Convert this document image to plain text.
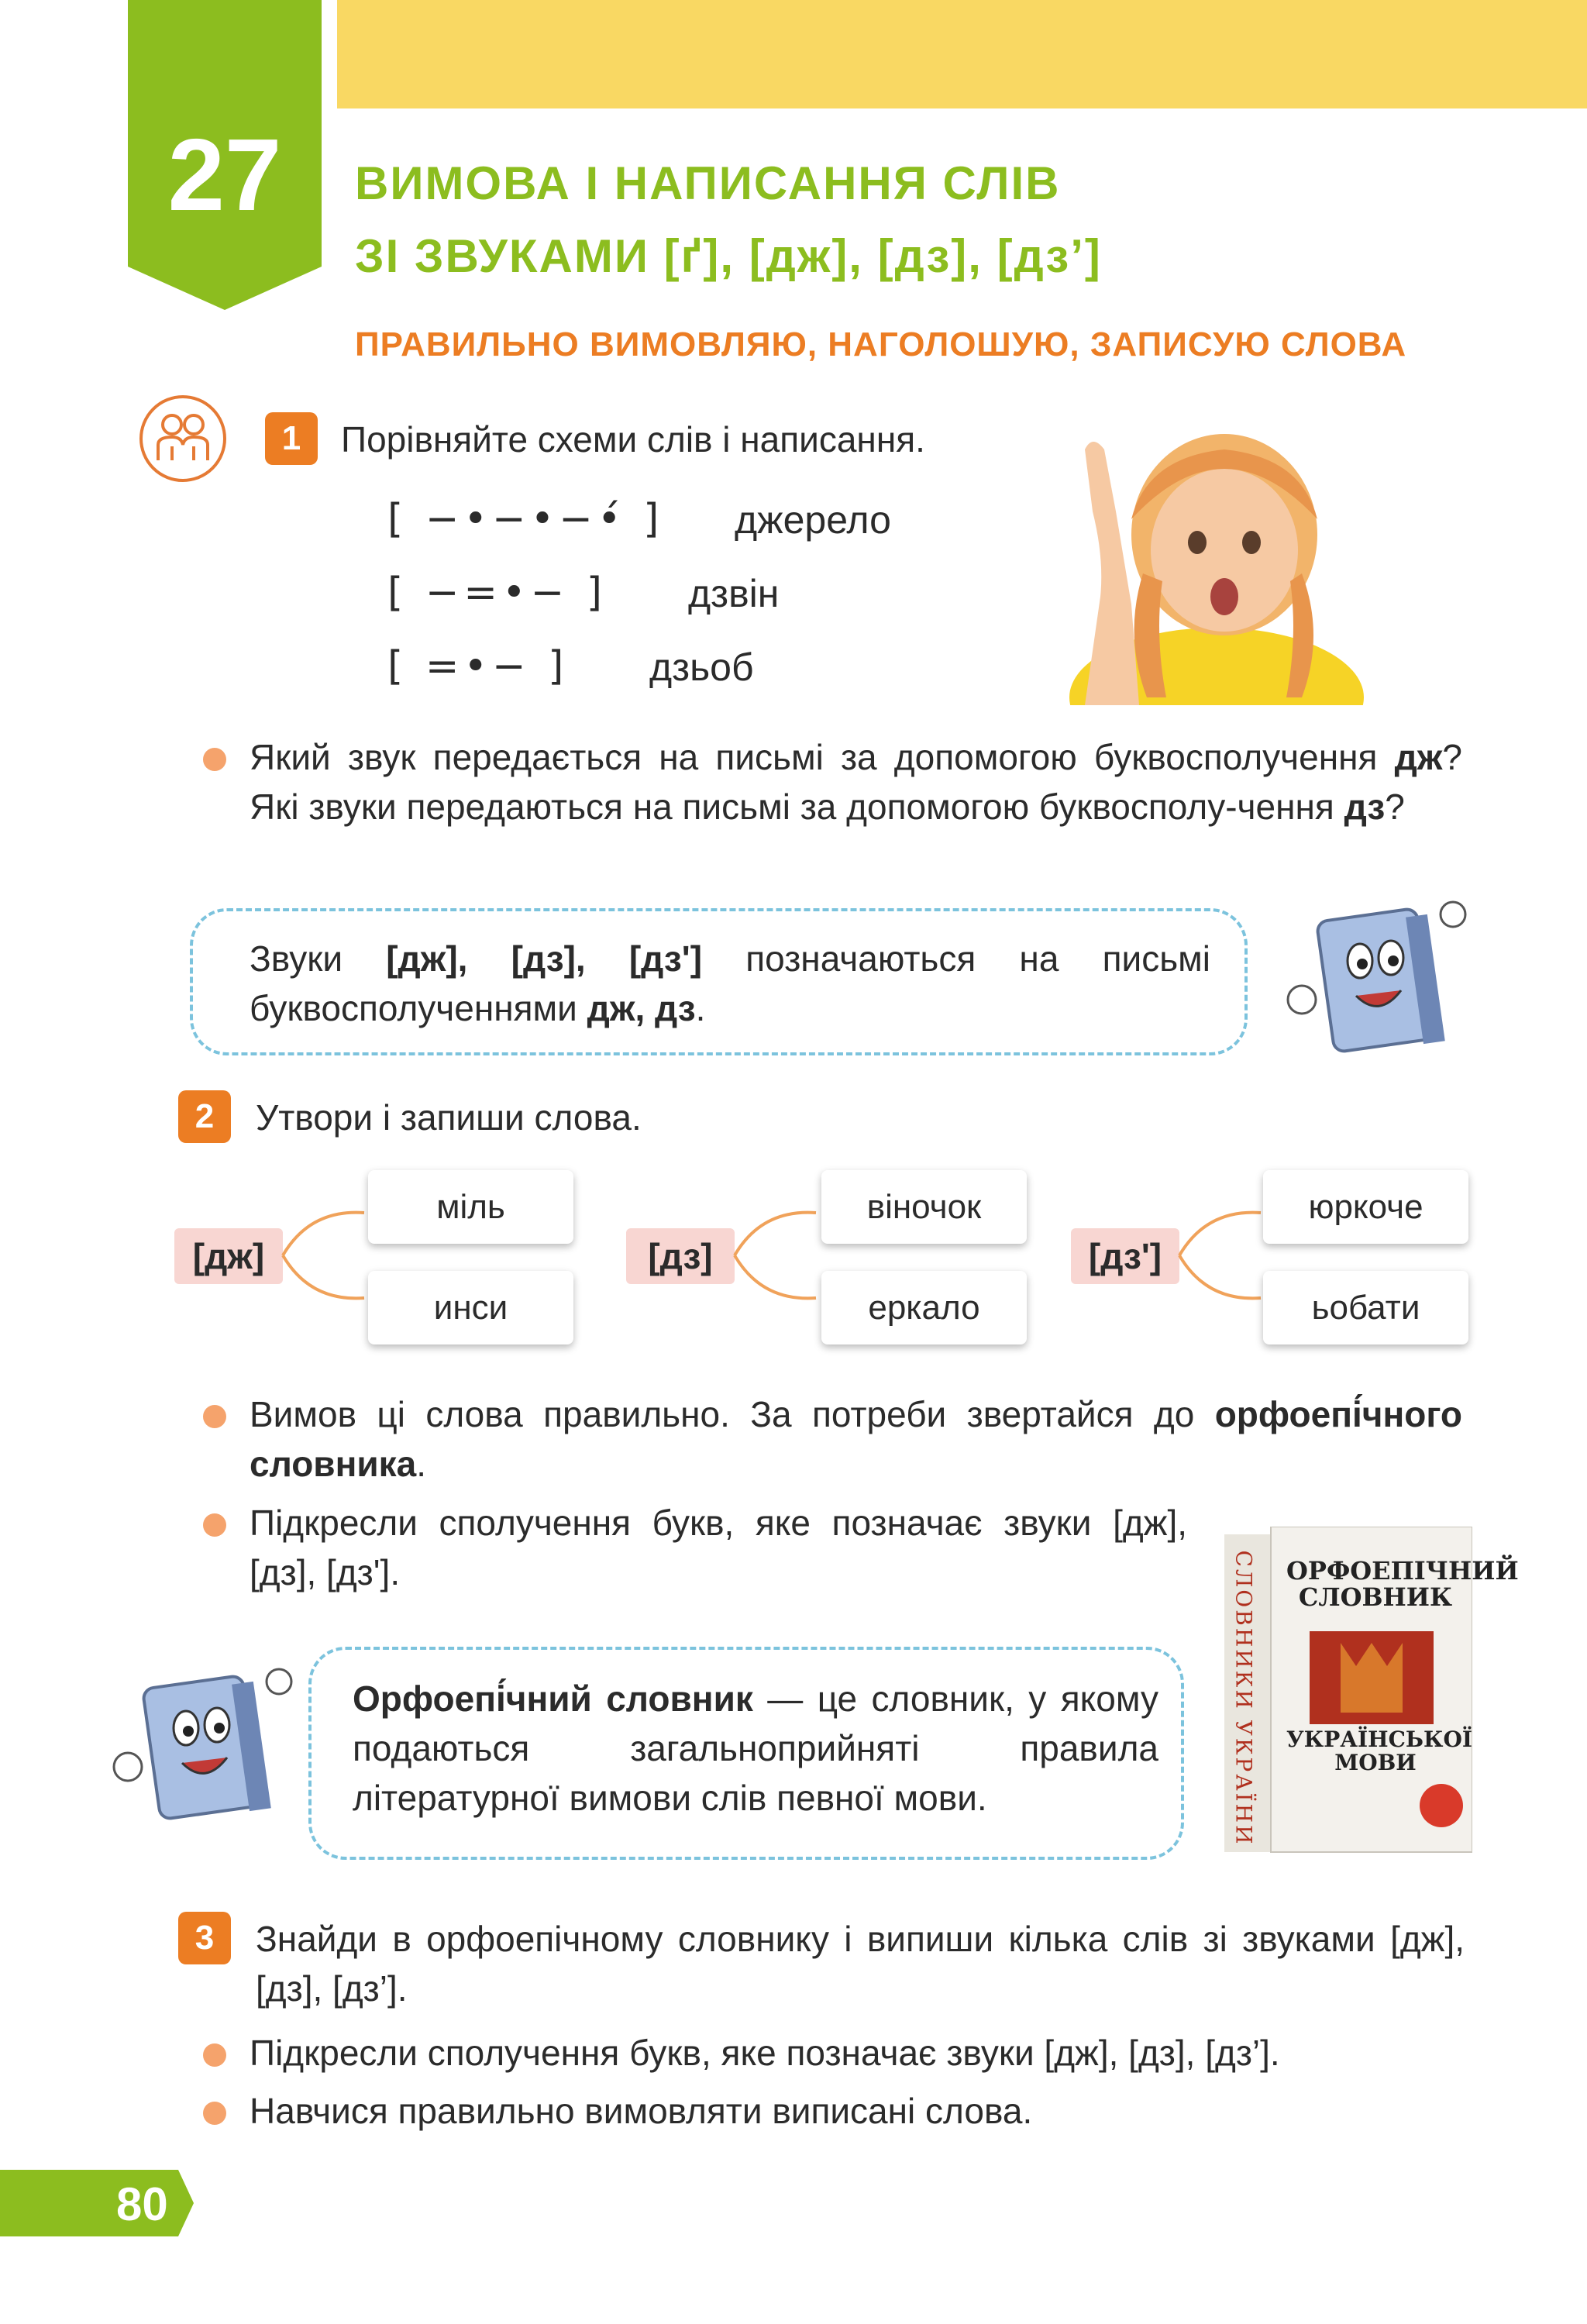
27	ВИМОВА І НАПИСАННЯ СЛІВ
ЗІ ЗВУКАМИ [ґ], [дж], [дз], [дз’]
ПРАВИЛЬНО ВИМОВЛЯЮ, НАГОЛОШУЮ, ЗАПИСУЮ СЛОВА
1	Порівняйте схеми слів і написання.
[ −•−•−•́ ] джерело
[ −=•− ] дзвін
[ =•− ] дзьоб
Який звук передається на письмі за допомогою буквосполучення дж? Які звуки передаються на письмі за допомогою буквосполу-чення дз?
Звуки [дж], [дз], [дз'] позначаються на письмі буквосполученнями дж, дз.
2	Утвори і запиши слова.
[дж]
міль
инси
[дз]
віночок
еркало
[дз']
юркоче
ьобати
Вимов ці слова правильно. За потреби звертайся до орфоепі́чного словника.
Підкресли сполучення букв, яке позначає звуки [дж], [дз], [дз'].	ОРФОЕПІЧНИЙ
СЛОВНИК
УКРАЇНСЬКОЇ
МОВИ
СЛОВНИКИ УКРАЇНИ
Орфоепі́чний словник — це словник, у якому подаються загальноприйняті правила літературної вимови слів певної мови.
3	Знайди в орфоепічному словнику і випиши кілька слів зі звуками [дж], [дз], [дз’].
Підкресли сполучення букв, яке позначає звуки [дж], [дз], [дз’].
Навчися правильно вимовляти виписані слова.
80
